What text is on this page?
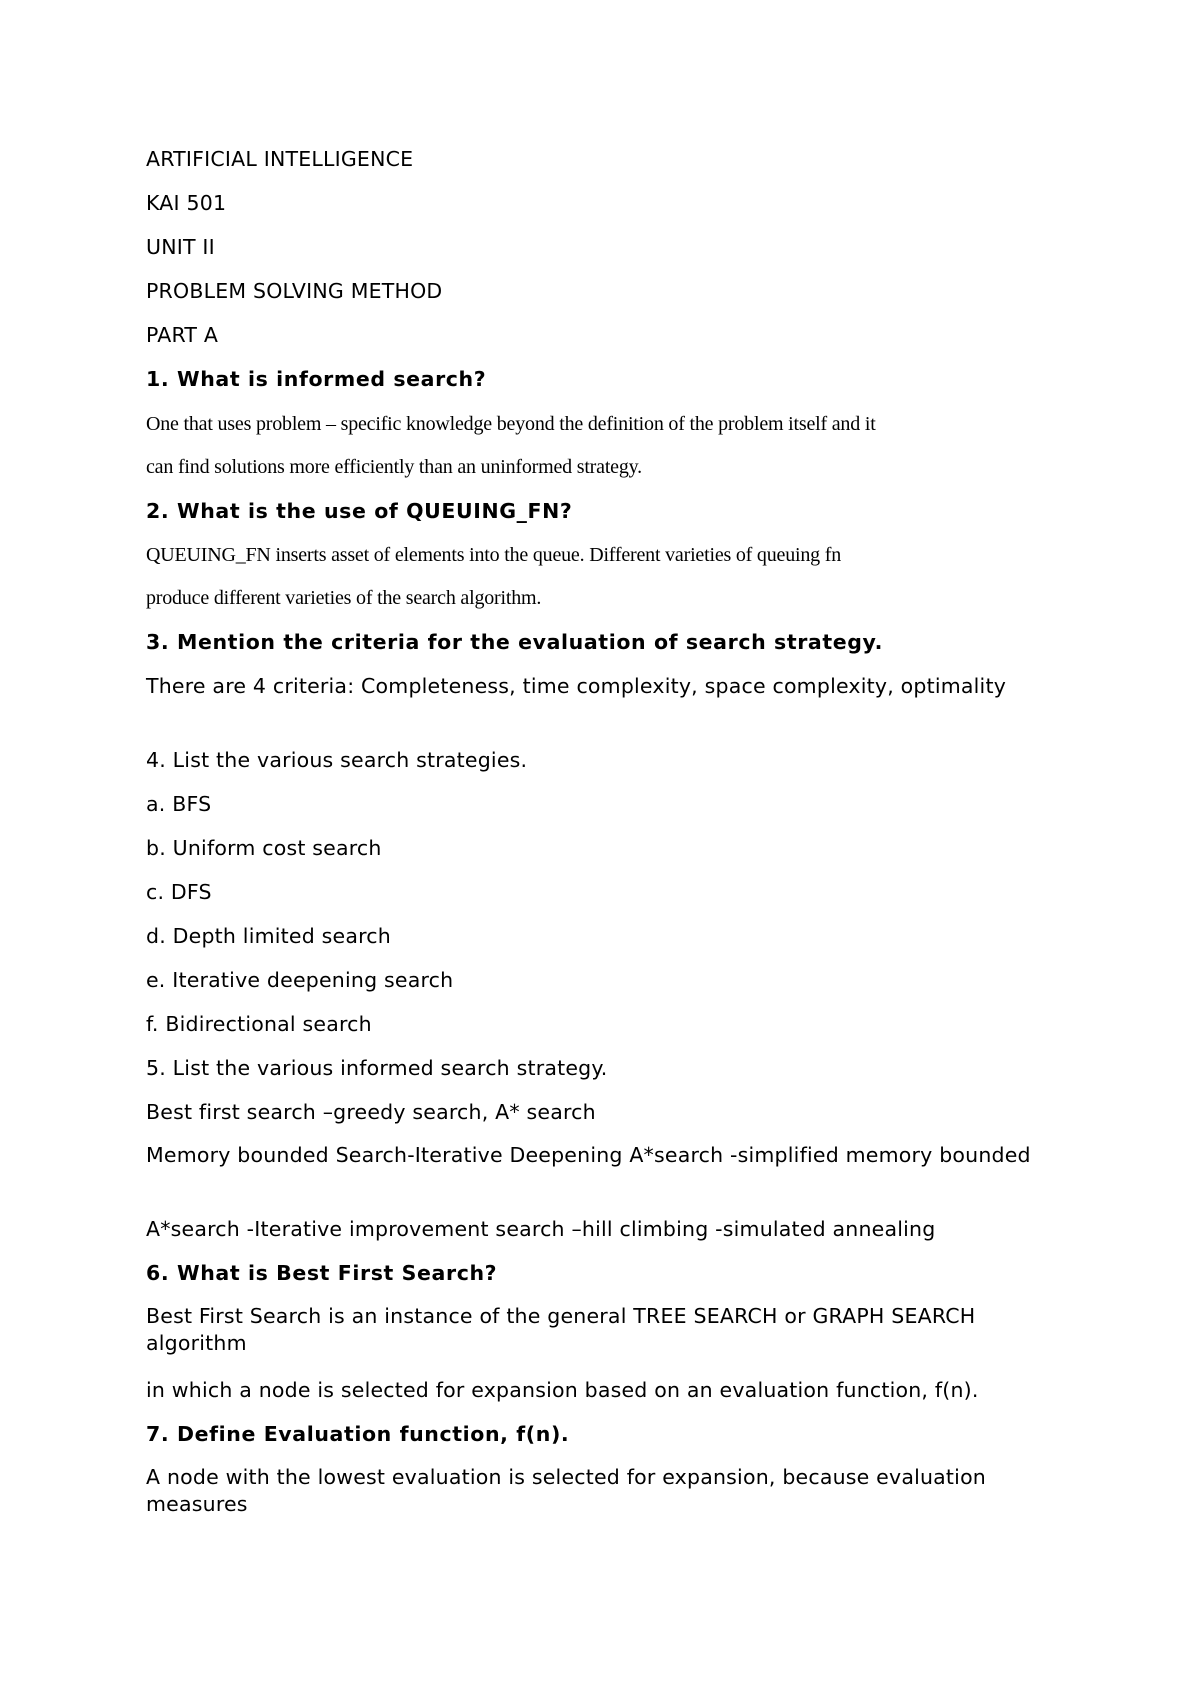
ARTIFICIAL INTELLIGENCE
KAI 501
UNIT II
PROBLEM SOLVING METHOD
PART A
1. What is informed search?
One that uses problem – specific knowledge beyond the definition of the problem itself and it
can find solutions more efficiently than an uninformed strategy.
2. What is the use of QUEUING_FN?
QUEUING_FN inserts asset of elements into the queue. Different varieties of queuing fn
produce different varieties of the search algorithm.
3. Mention the criteria for the evaluation of search strategy.
There are 4 criteria: Completeness, time complexity, space complexity, optimality
4. List the various search strategies.
a. BFS
b. Uniform cost search
c. DFS
d. Depth limited search
e. Iterative deepening search
f. Bidirectional search
5. List the various informed search strategy.
Best first search –greedy search, A* search
Memory bounded Search-Iterative Deepening A*search -simplified memory bounded
A*search -Iterative improvement search –hill climbing -simulated annealing
6. What is Best First Search?
Best First Search is an instance of the general TREE SEARCH or GRAPH SEARCH algorithm
in which a node is selected for expansion based on an evaluation function, f(n).
7. Define Evaluation function, f(n).
A node with the lowest evaluation is selected for expansion, because evaluation measures
